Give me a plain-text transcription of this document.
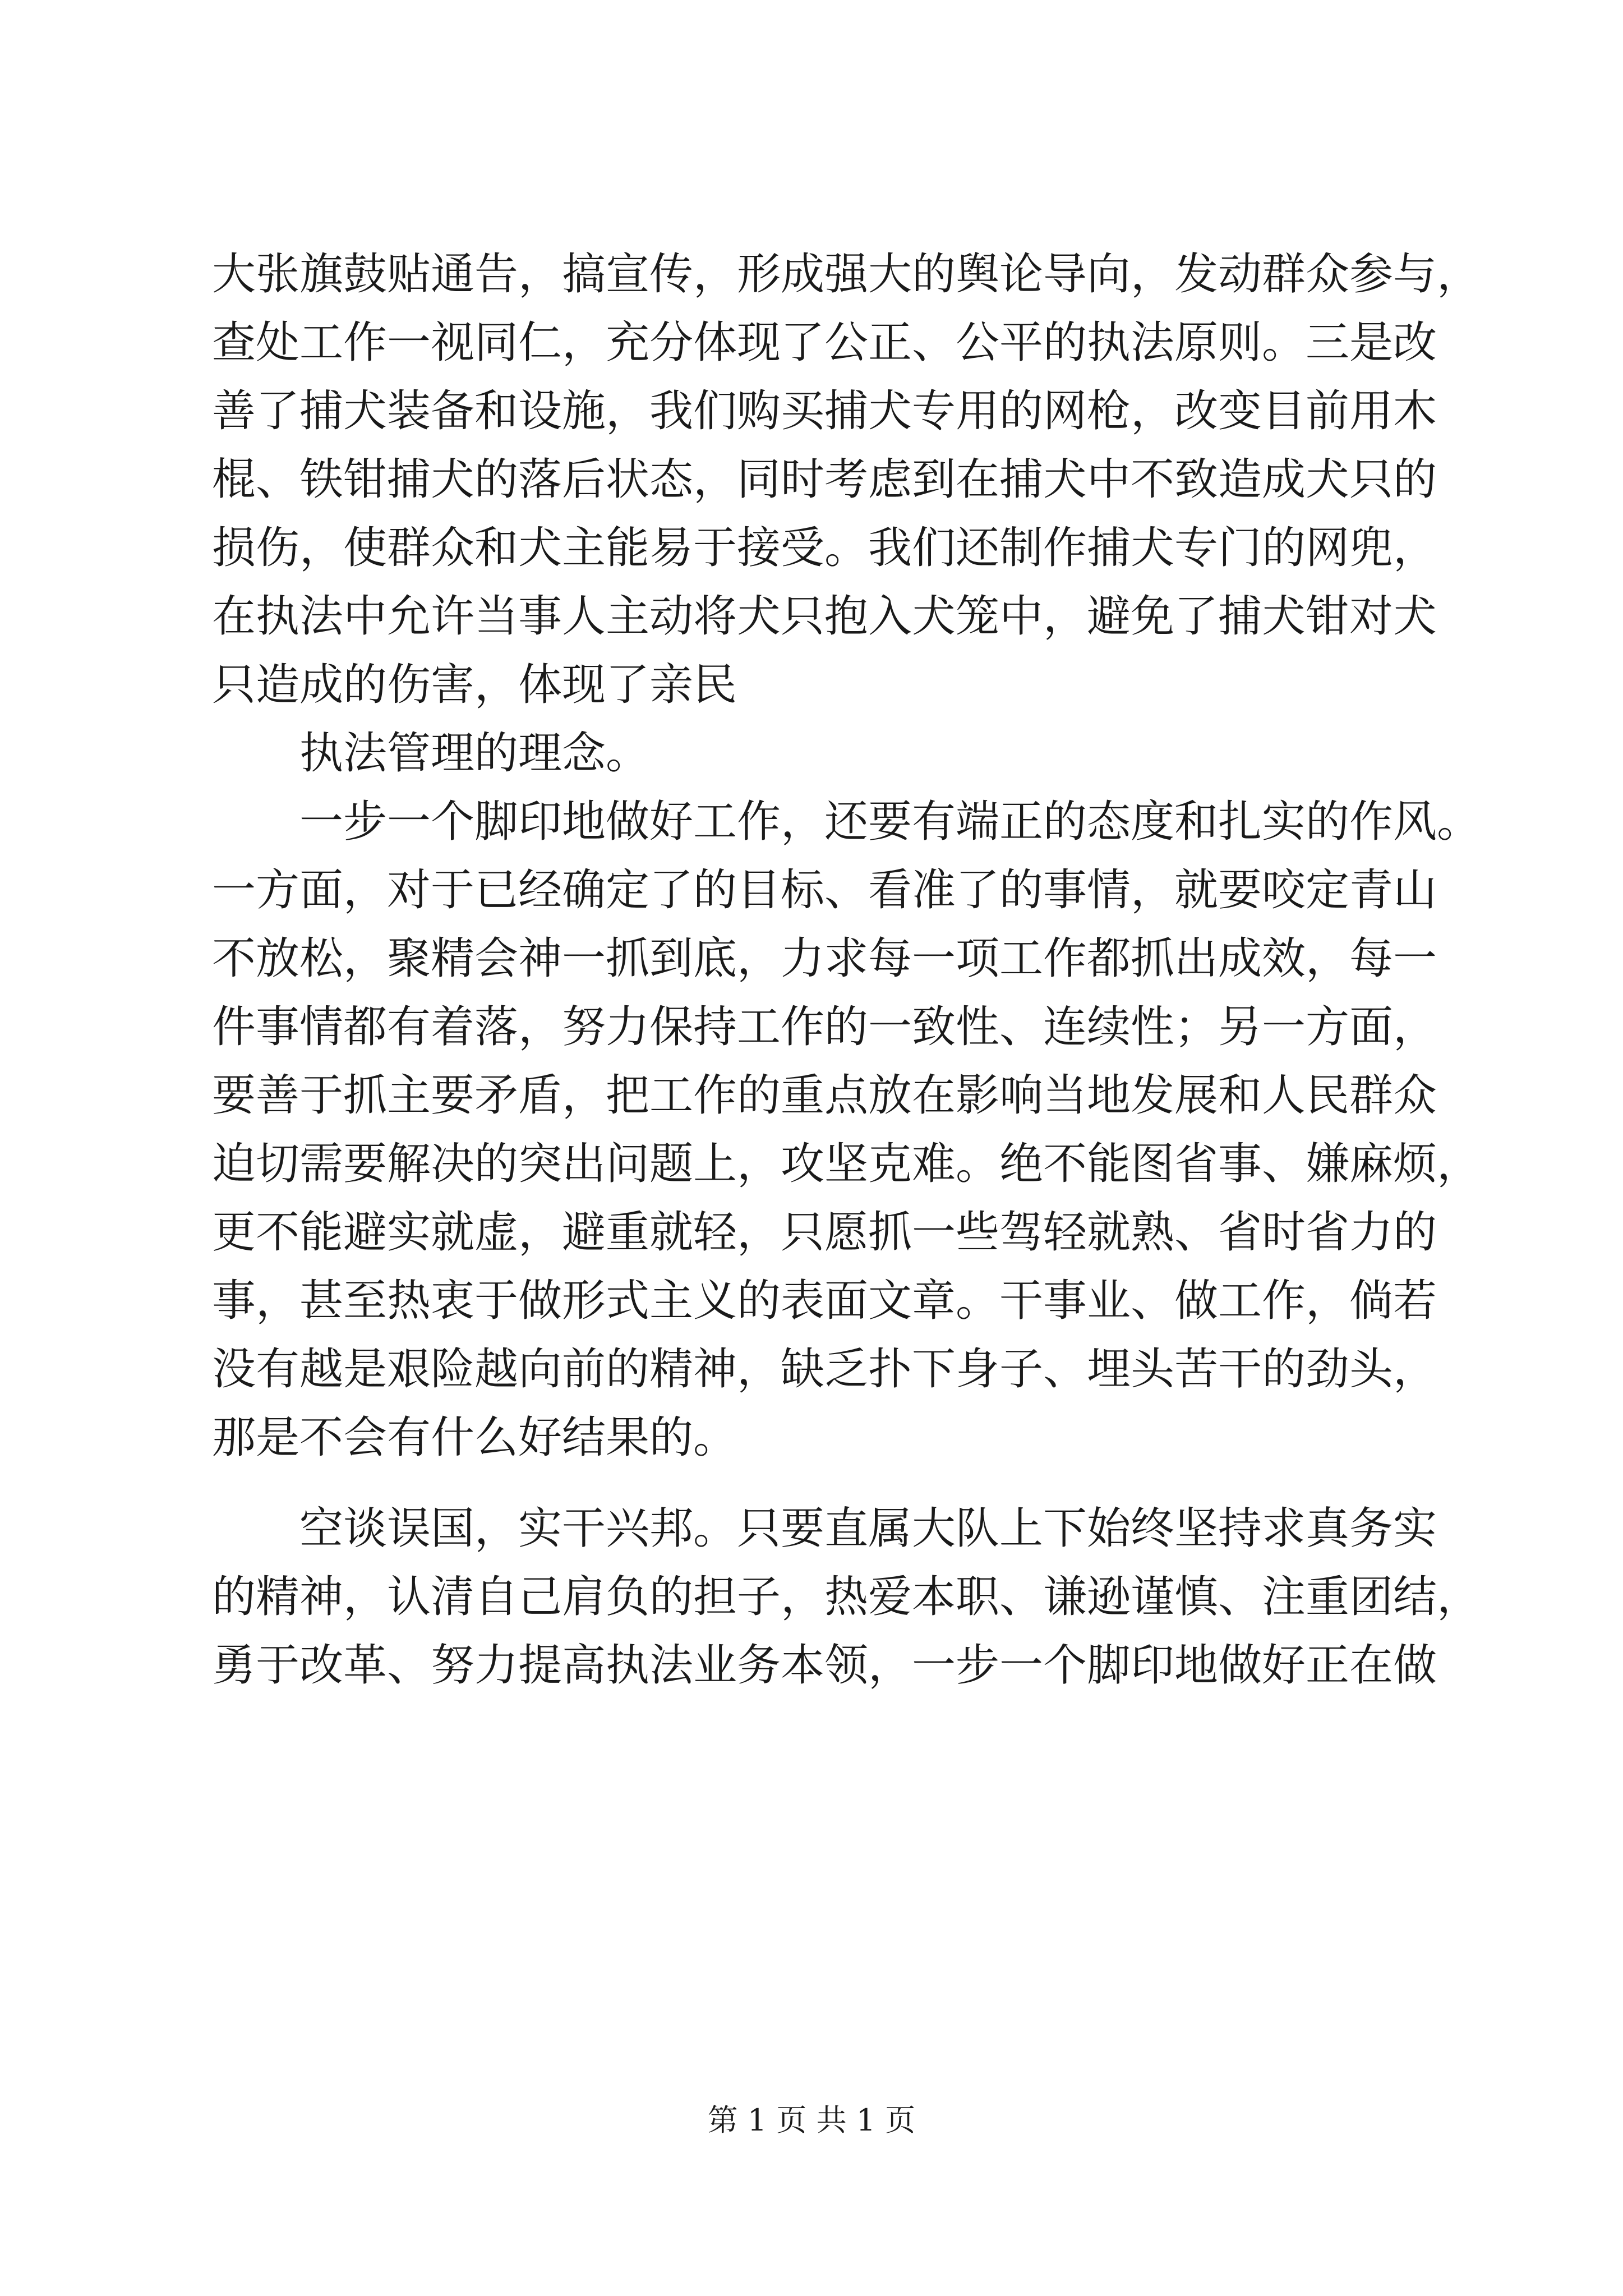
大张旗鼓贴通告，搞宣传，形成强大的舆论导向，发动群众参与，

查处工作一视同仁，充分体现了公正、公平的执法原则。三是改

善了捕犬装备和设施，我们购买捕犬专用的网枪，改变目前用木

棍、铁钳捕犬的落后状态，同时考虑到在捕犬中不致造成犬只的

损伤，使群众和犬主能易于接受。我们还制作捕犬专门的网兜，

在执法中允许当事人主动将犬只抱入犬笼中，避免了捕犬钳对犬

只造成的伤害，体现了亲民

执法管理的理念。

一步一个脚印地做好工作，还要有端正的态度和扎实的作风。

一方面，对于已经确定了的目标、看准了的事情，就要咬定青山

不放松，聚精会神一抓到底，力求每一项工作都抓出成效，每一

件事情都有着落，努力保持工作的一致性、连续性；另一方面，

要善于抓主要矛盾，把工作的重点放在影响当地发展和人民群众

迫切需要解决的突出问题上，攻坚克难。绝不能图省事、嫌麻烦，

更不能避实就虚，避重就轻，只愿抓一些驾轻就熟、省时省力的

事，甚至热衷于做形式主义的表面文章。干事业、做工作，倘若

没有越是艰险越向前的精神，缺乏扑下身子、埋头苦干的劲头，

那是不会有什么好结果的。

空谈误国，实干兴邦。只要直属大队上下始终坚持求真务实

的精神，认清自己肩负的担子，热爱本职、谦逊谨慎、注重团结，

勇于改革、努力提高执法业务本领，一步一个脚印地做好正在做

第 1 页 共 1 页
